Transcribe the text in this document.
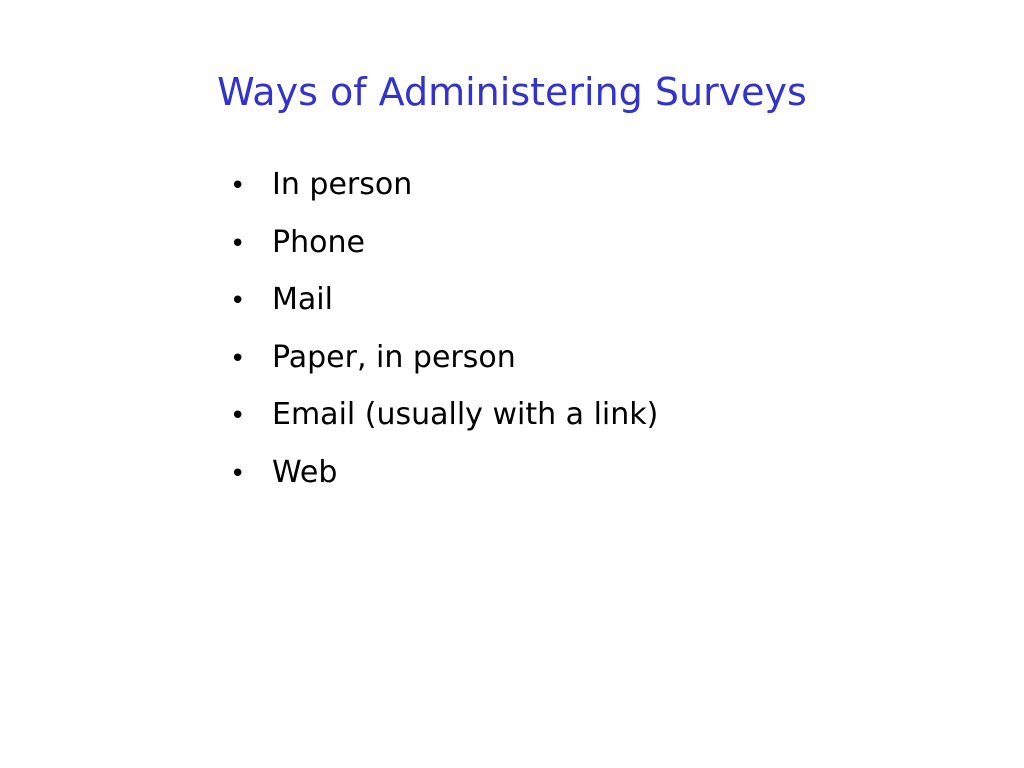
Ways of Administering Surveys
• In person
• Phone
• Mail
• Paper, in person
• Email (usually with a link)
• Web
